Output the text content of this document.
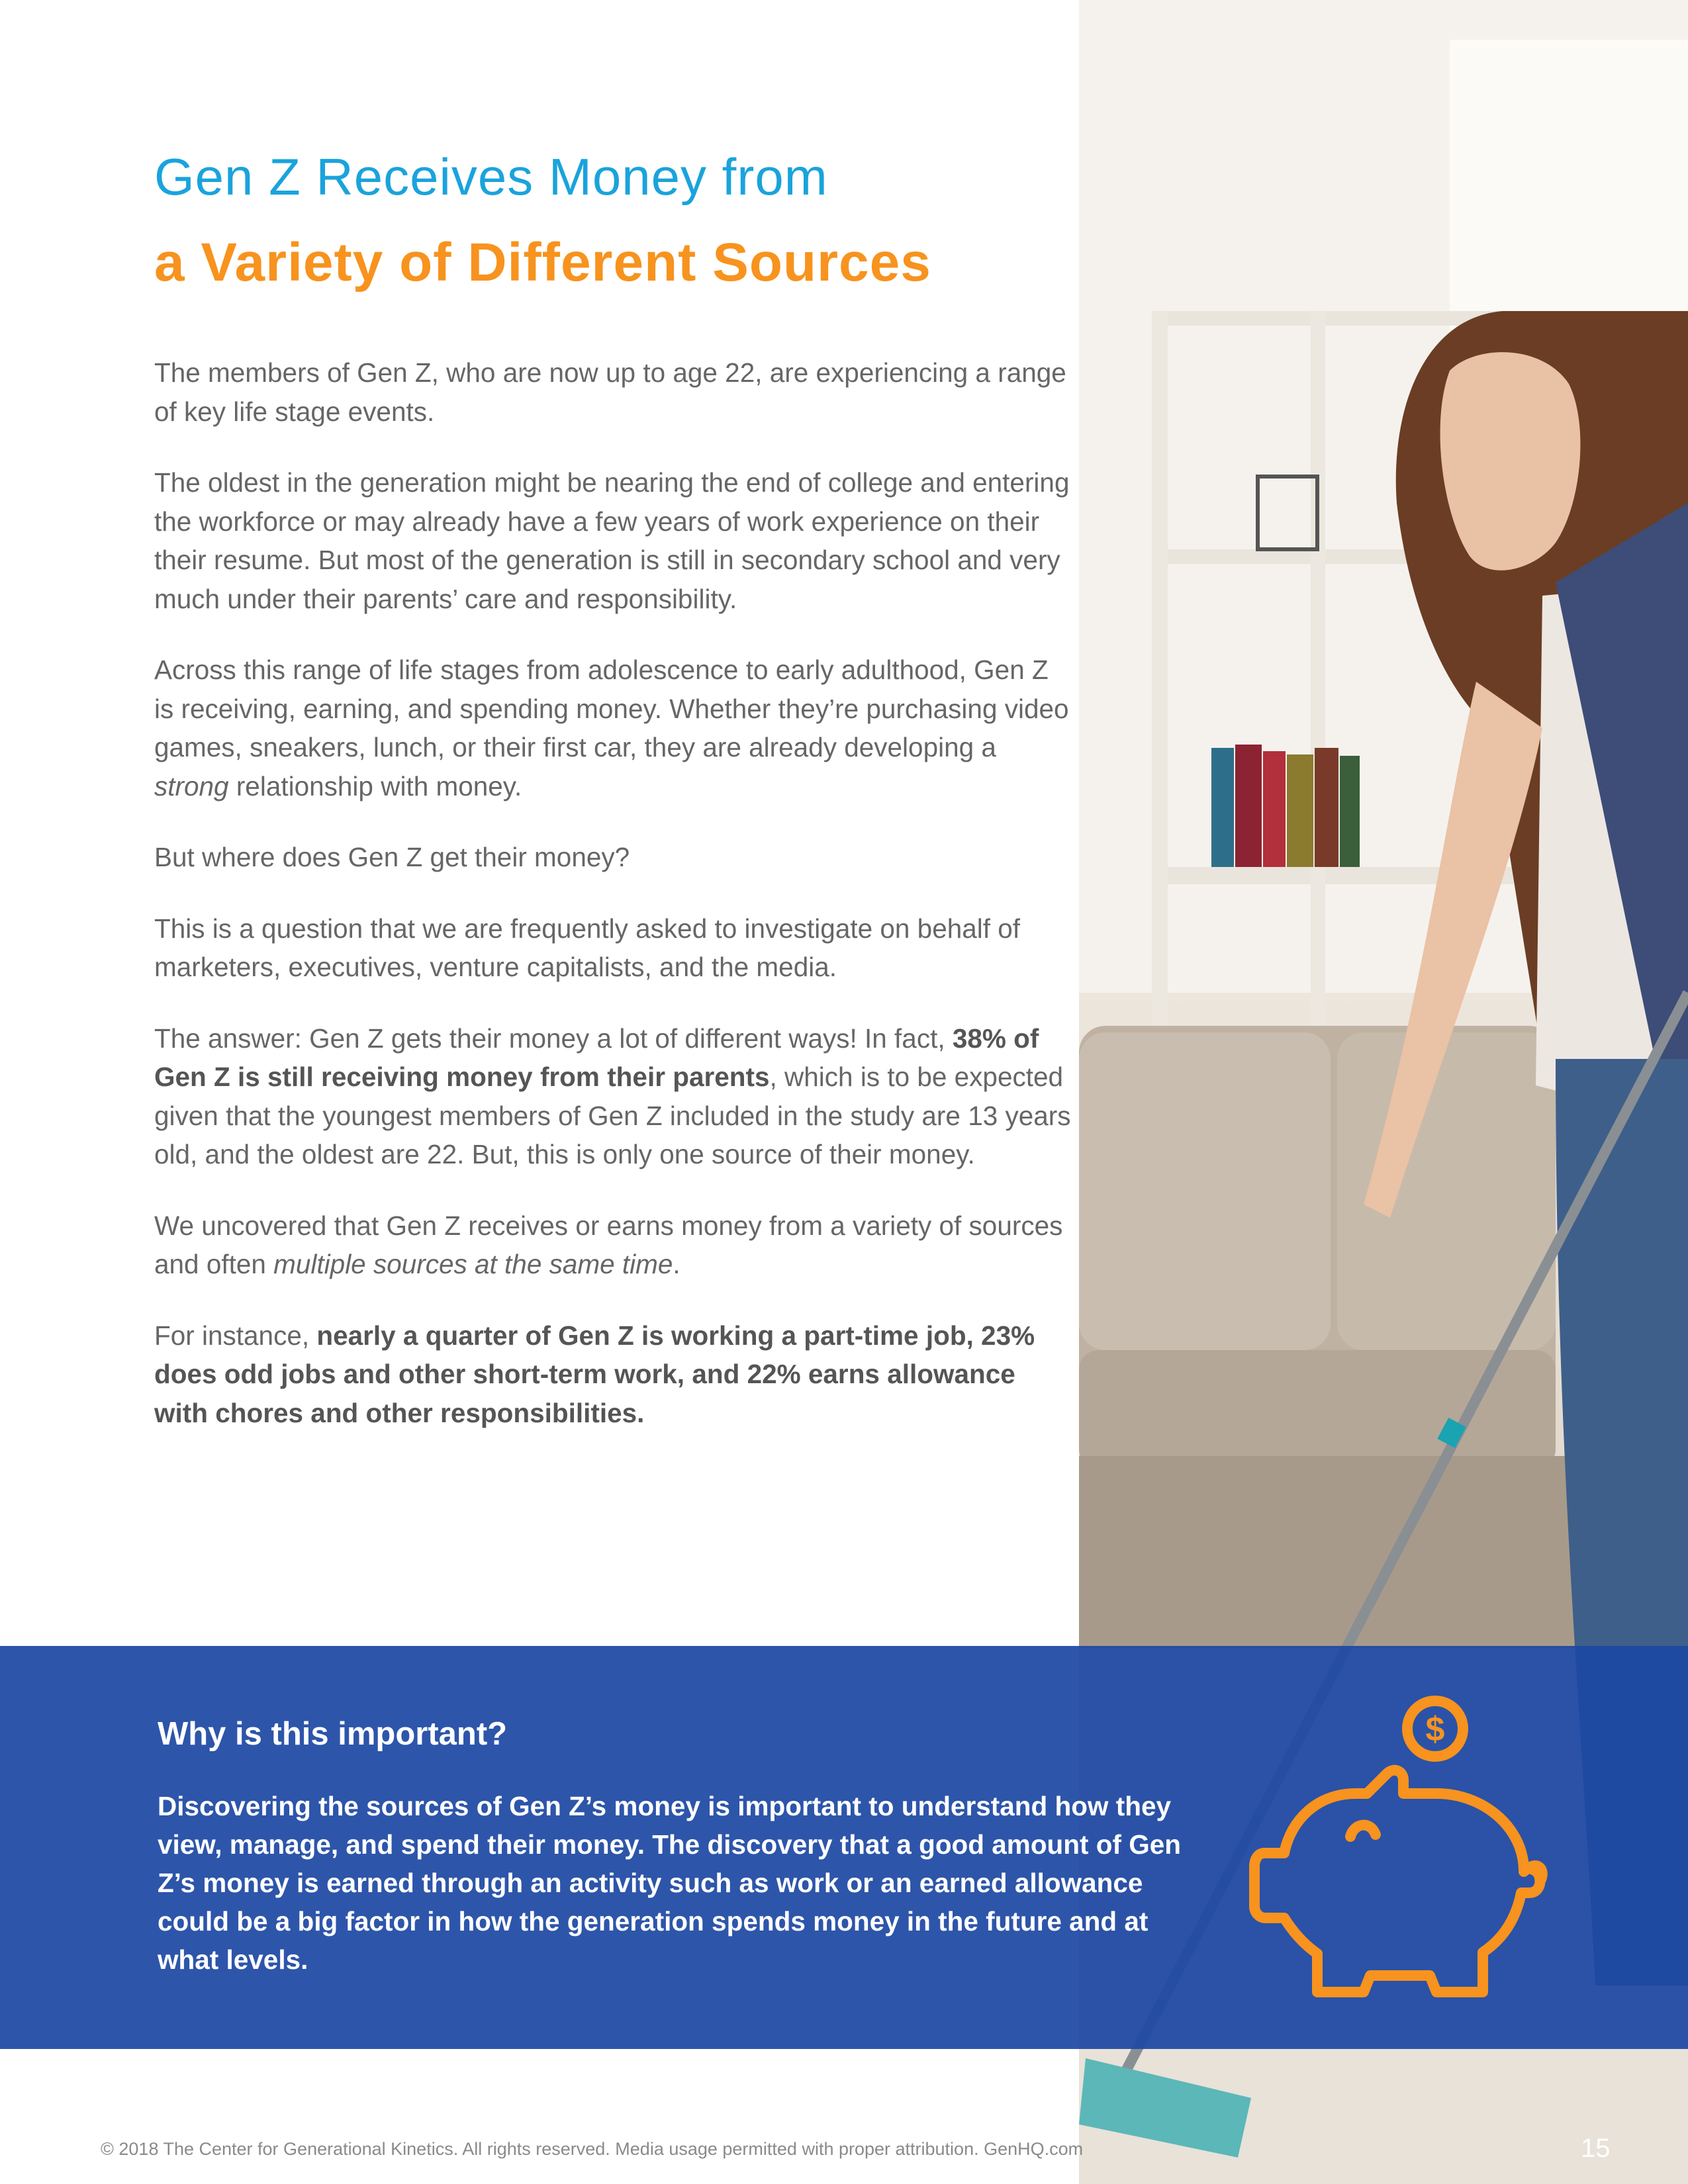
Gen Z Receives Money from
a Variety of Different Sources

The members of Gen Z, who are now up to age 22, are experiencing a range of key life stage events.

The oldest in the generation might be nearing the end of college and entering the workforce or may already have a few years of work experience on their their resume. But most of the generation is still in secondary school and very much under their parents’ care and responsibility.

Across this range of life stages from adolescence to early adulthood, Gen Z is receiving, earning, and spending money. Whether they’re purchasing video games, sneakers, lunch, or their first car, they are already developing a strong relationship with money.

But where does Gen Z get their money?

This is a question that we are frequently asked to investigate on behalf of marketers, executives, venture capitalists, and the media.

The answer: Gen Z gets their money a lot of different ways! In fact, 38% of Gen Z is still receiving money from their parents, which is to be expected given that the youngest members of Gen Z included in the study are 13 years old, and the oldest are 22. But, this is only one source of their money.

We uncovered that Gen Z receives or earns money from a variety of sources and often multiple sources at the same time.

For instance, nearly a quarter of Gen Z is working a part-time job, 23% does odd jobs and other short-term work, and 22% earns allowance with chores and other responsibilities.

Why is this important?
Discovering the sources of Gen Z’s money is important to understand how they view, manage, and spend their money. The discovery that a good amount of Gen Z’s money is earned through an activity such as work or an earned allowance could be a big factor in how the generation spends money in the future and at what levels.
$
© 2018 The Center for Generational Kinetics. All rights reserved. Media usage permitted with proper attribution. GenHQ.com	15
